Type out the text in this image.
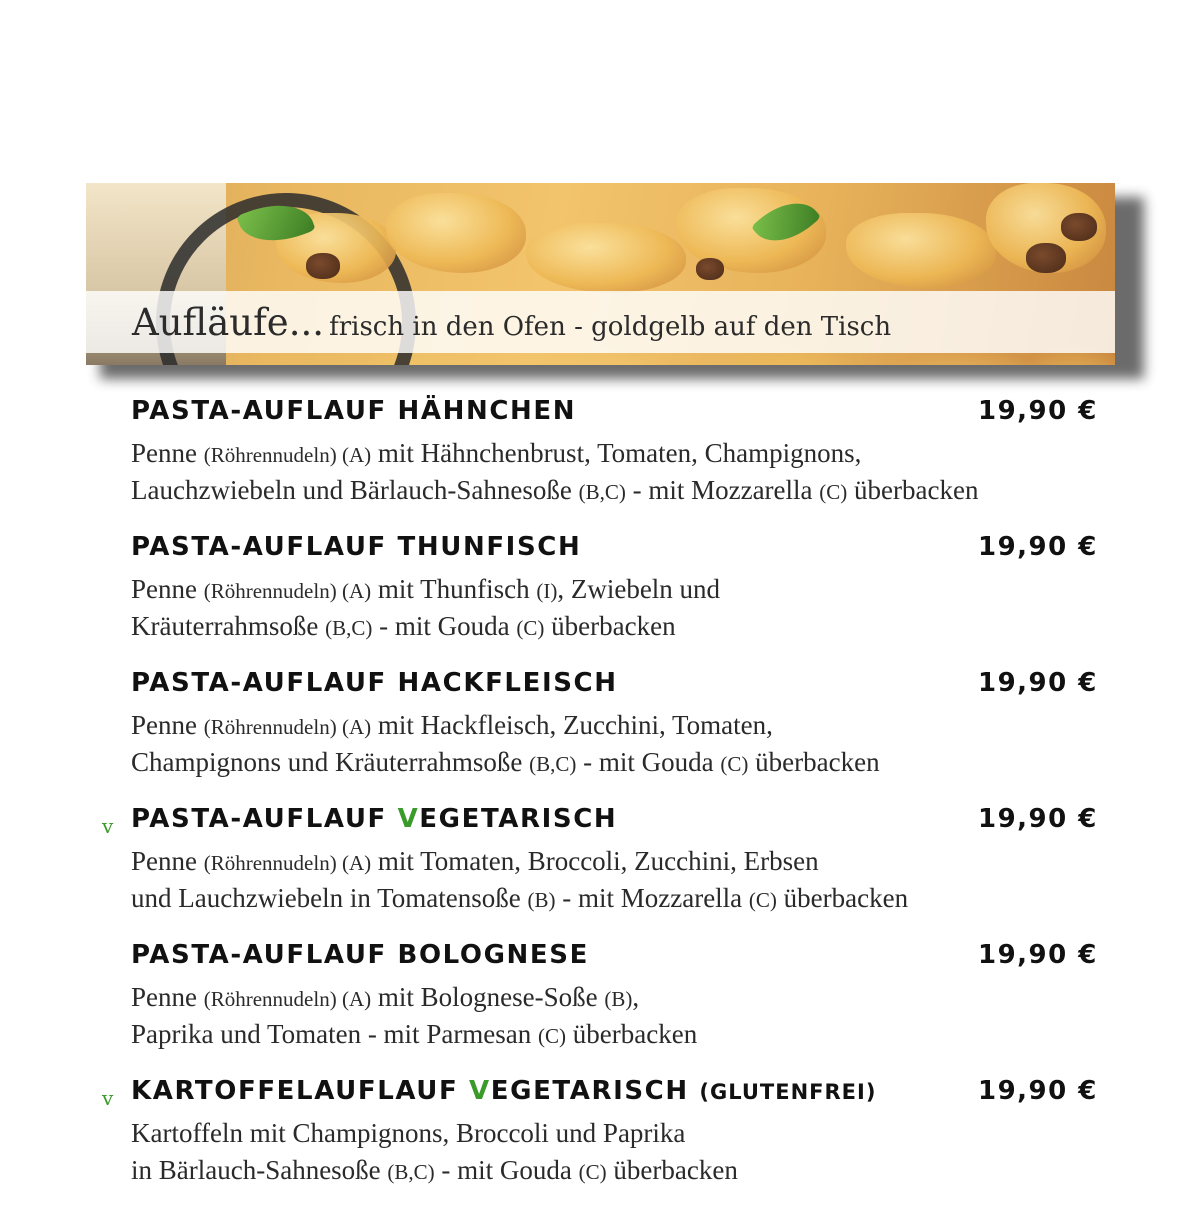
Aufläufe... frisch in den Ofen - goldgelb auf den Tisch
PASTA-AUFLAUF HÄHNCHEN	19,90 €
Penne (Röhrennudeln) (A) mit Hähnchenbrust, Tomaten, Champignons,
Lauchzwiebeln und Bärlauch-Sahnesoße (B,C) - mit Mozzarella (C) überbacken
PASTA-AUFLAUF THUNFISCH	19,90 €
Penne (Röhrennudeln) (A) mit Thunfisch (I), Zwiebeln und
Kräuterrahmsoße (B,C) - mit Gouda (C) überbacken
PASTA-AUFLAUF HACKFLEISCH	19,90 €
Penne (Röhrennudeln) (A) mit Hackfleisch, Zucchini, Tomaten,
Champignons und Kräuterrahmsoße (B,C) - mit Gouda (C) überbacken
v PASTA-AUFLAUF VEGETARISCH	19,90 €
Penne (Röhrennudeln) (A) mit Tomaten, Broccoli, Zucchini, Erbsen
und Lauchzwiebeln in Tomatensoße (B) - mit Mozzarella (C) überbacken
PASTA-AUFLAUF BOLOGNESE	19,90 €
Penne (Röhrennudeln) (A) mit Bolognese-Soße (B),
Paprika und Tomaten - mit Parmesan (C) überbacken
v KARTOFFELAUFLAUF VEGETARISCH (GLUTENFREI)	19,90 €
Kartoffeln mit Champignons, Broccoli und Paprika
in Bärlauch-Sahnesoße (B,C) - mit Gouda (C) überbacken
